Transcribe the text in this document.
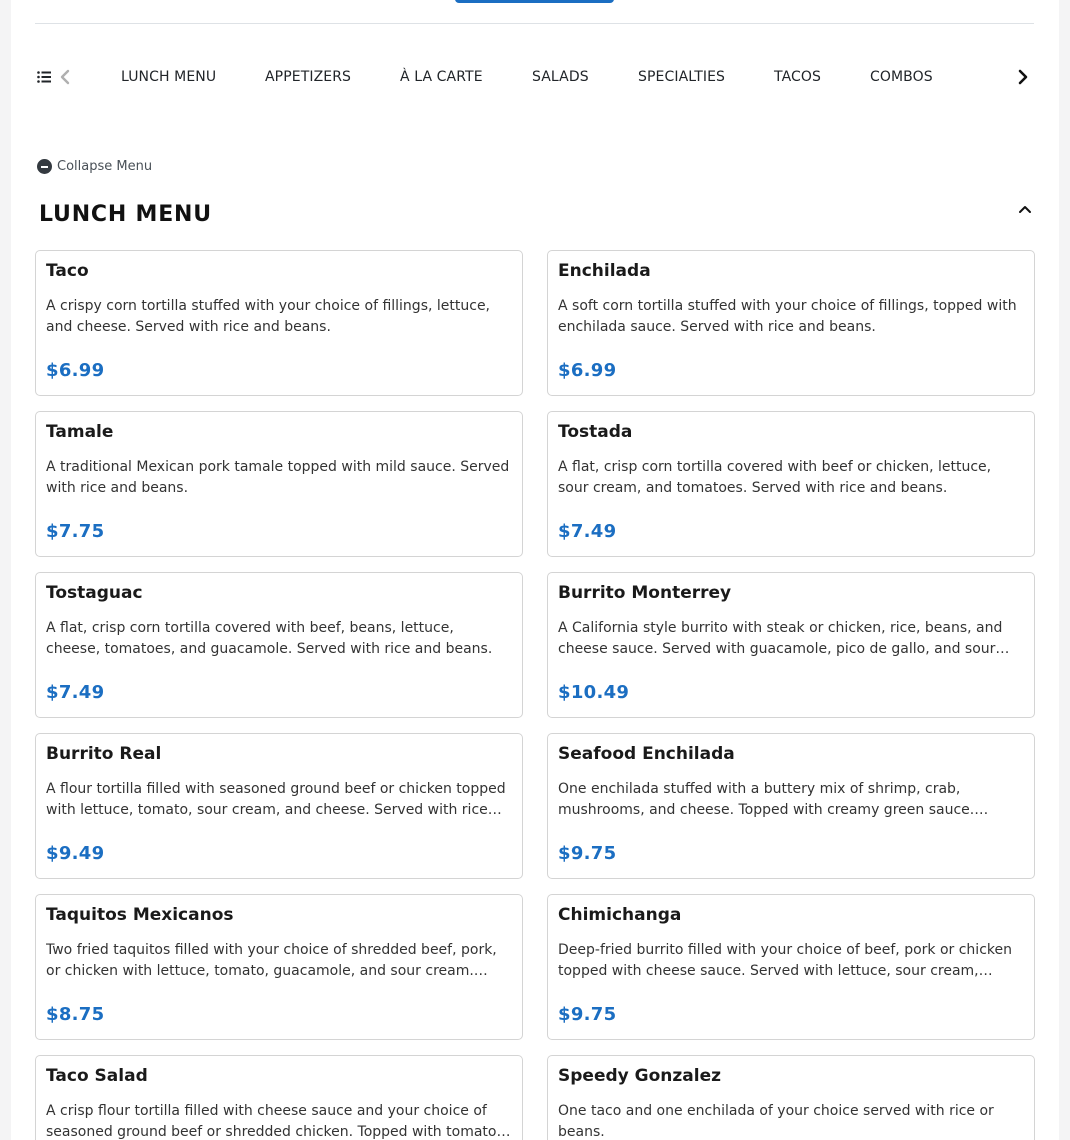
LUNCH MENU	APPETIZERS	À LA CARTE	SALADS	SPECIALTIES	TACOS	COMBOS
Collapse Menu
LUNCH MENU
Taco
A crispy corn tortilla stuffed with your choice of fillings, lettuce, and cheese. Served with rice and beans.
$6.99
Enchilada
A soft corn tortilla stuffed with your choice of fillings, topped with enchilada sauce. Served with rice and beans.
$6.99
Tamale
A traditional Mexican pork tamale topped with mild sauce. Served with rice and beans.
$7.75
Tostada
A flat, crisp corn tortilla covered with beef or chicken, lettuce, sour cream, and tomatoes. Served with rice and beans.
$7.49
Tostaguac
A flat, crisp corn tortilla covered with beef, beans, lettuce, cheese, tomatoes, and guacamole. Served with rice and beans.
$7.49
Burrito Monterrey
A California style burrito with steak or chicken, rice, beans, and cheese sauce. Served with guacamole, pico de gallo, and sour…
$10.49
Burrito Real
A flour tortilla filled with seasoned ground beef or chicken topped with lettuce, tomato, sour cream, and cheese. Served with rice…
$9.49
Seafood Enchilada
One enchilada stuffed with a buttery mix of shrimp, crab, mushrooms, and cheese. Topped with creamy green sauce.…
$9.75
Taquitos Mexicanos
Two fried taquitos filled with your choice of shredded beef, pork, or chicken with lettuce, tomato, guacamole, and sour cream.…
$8.75
Chimichanga
Deep-fried burrito filled with your choice of beef, pork or chicken topped with cheese sauce. Served with lettuce, sour cream,…
$9.75
Taco Salad
A crisp flour tortilla filled with cheese sauce and your choice of seasoned ground beef or shredded chicken. Topped with tomato…
Speedy Gonzalez
One taco and one enchilada of your choice served with rice or beans.
